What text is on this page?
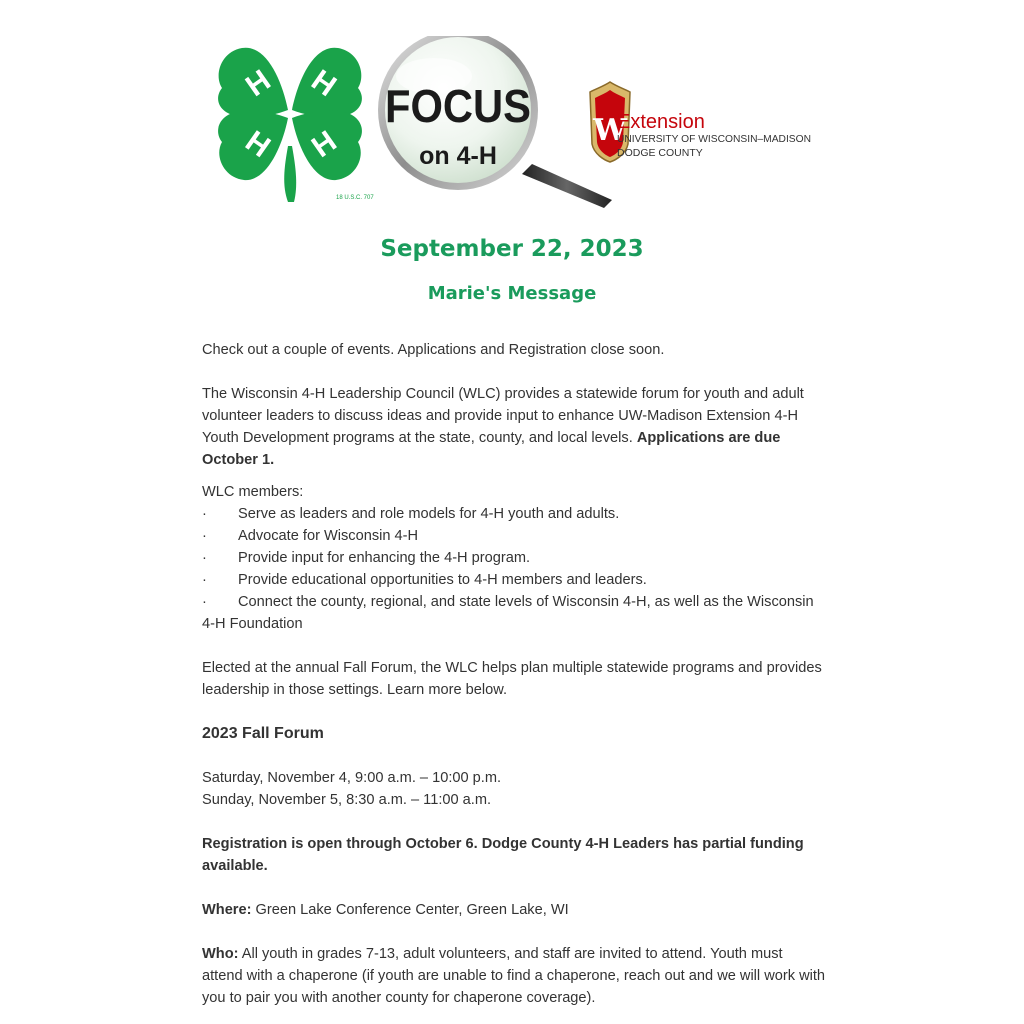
H H
H H
18 U.S.C. 707
FOCUS
on 4-H
W
Extension
UNIVERSITY OF WISCONSIN–MADISON
DODGE COUNTY
September 22, 2023
Marie's Message

Check out a couple of events. Applications and Registration close soon.

The Wisconsin 4-H Leadership Council (WLC) provides a statewide forum for youth and adult volunteer leaders to discuss ideas and provide input to enhance UW-Madison Extension 4-H Youth Development programs at the state, county, and local levels. Applications are due October 1.

WLC members:

· Serve as leaders and role models for 4-H youth and adults.
· Advocate for Wisconsin 4-H
· Provide input for enhancing the 4-H program.
· Provide educational opportunities to 4-H members and leaders.
· Connect the county, regional, and state levels of Wisconsin 4-H, as well as the Wisconsin 4-H Foundation

Elected at the annual Fall Forum, the WLC helps plan multiple statewide programs and provides leadership in those settings. Learn more below.

2023 Fall Forum

Saturday, November 4, 9:00 a.m. – 10:00 p.m.

Sunday, November 5, 8:30 a.m. – 11:00 a.m.

Registration is open through October 6. Dodge County 4-H Leaders has partial funding available.

Where: Green Lake Conference Center, Green Lake, WI

Who: All youth in grades 7-13, adult volunteers, and staff are invited to attend. Youth must attend with a chaperone (if youth are unable to find a chaperone, reach out and we will work with you to pair you with another county for chaperone coverage).
